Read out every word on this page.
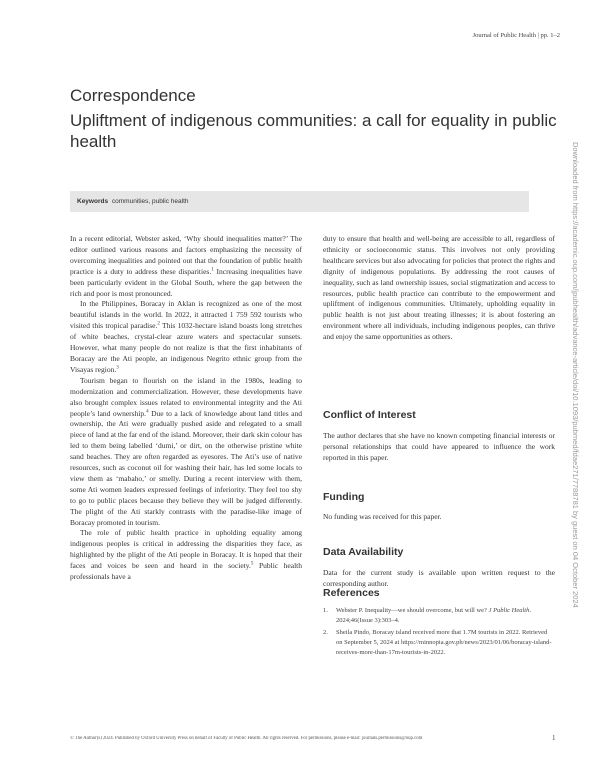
Journal of Public Health | pp. 1–2
Correspondence
Upliftment of indigenous communities: a call for equality in public health
Keywords communities, public health

In a recent editorial, Webster asked, ‘Why should inequalities matter?’ The editor outlined various reasons and factors emphasizing the necessity of overcoming inequalities and pointed out that the foundation of public health practice is a duty to address these disparities.$^1$ Increasing inequalities have been particularly evident in the Global South, where the gap between the rich and poor is most pronounced.

In the Philippines, Boracay in Aklan is recognized as one of the most beautiful islands in the world. In 2022, it attracted 1 759 592 tourists who visited this tropical paradise.$^2$ This 1032-hectare island boasts long stretches of white beaches, crystal-clear azure waters and spectacular sunsets. However, what many people do not realize is that the first inhabitants of Boracay are the Ati people, an indigenous Negrito ethnic group from the Visayas region.$^3$

Tourism began to flourish on the island in the 1980s, leading to modernization and commercialization. However, these developments have also brought complex issues related to environmental integrity and the Ati people’s land ownership.$^4$ Due to a lack of knowledge about land titles and ownership, the Ati were gradually pushed aside and relegated to a small piece of land at the far end of the island. Moreover, their dark skin colour has led to them being labelled ‘dumi,’ or dirt, on the otherwise pristine white sand beaches. They are often regarded as eyesores. The Ati’s use of native resources, such as coconut oil for washing their hair, has led some locals to view them as ‘mabaho,’ or smelly. During a recent interview with them, some Ati women leaders expressed feelings of inferiority. They feel too shy to go to public places because they believe they will be judged differently. The plight of the Ati starkly contrasts with the paradise-like image of Boracay promoted in tourism.

The role of public health practice in upholding equality among indigenous peoples is critical in addressing the disparities they face, as highlighted by the plight of the Ati people in Boracay. It is hoped that their faces and voices be seen and heard in the society.$^5$ Public health professionals have a

duty to ensure that health and well-being are accessible to all, regardless of ethnicity or socioeconomic status. This involves not only providing healthcare services but also advocating for policies that protect the rights and dignity of indigenous populations. By addressing the root causes of inequality, such as land ownership issues, social stigmatization and access to resources, public health practice can contribute to the empowerment and upliftment of indigenous communities. Ultimately, upholding equality in public health is not just about treating illnesses; it is about fostering an environment where all individuals, including indigenous peoples, can thrive and enjoy the same opportunities as others.

Conflict of Interest

The author declares that she have no known competing financial interests or personal relationships that could have appeared to influence the work reported in this paper.

Funding

No funding was received for this paper.

Data Availability

Data for the current study is available upon written request to the corresponding author.

References
1. Webster P. Inequality—we should overcome, but will we? J Public Health. 2024;46(Issue 3):303–4.
2. Sheila Pindo, Boracay island received more that 1.7M tourists in 2022. Retrieved on September 5, 2024 at https://minnopia.gov.ph/news/2023/01/06/boracay-island-receives-more-than-17m-tourists-in-2022.
Downloaded from https://academic.oup.com/jpubhealth/advance-article/doi/10.1093/pubmed/fdae271/7788781 by guest on 04 October 2024
© The Author(s) 2024. Published by Oxford University Press on behalf of Faculty of Public Health. All rights reserved. For permissions, please e-mail: journals.permissions@oup.com	1
